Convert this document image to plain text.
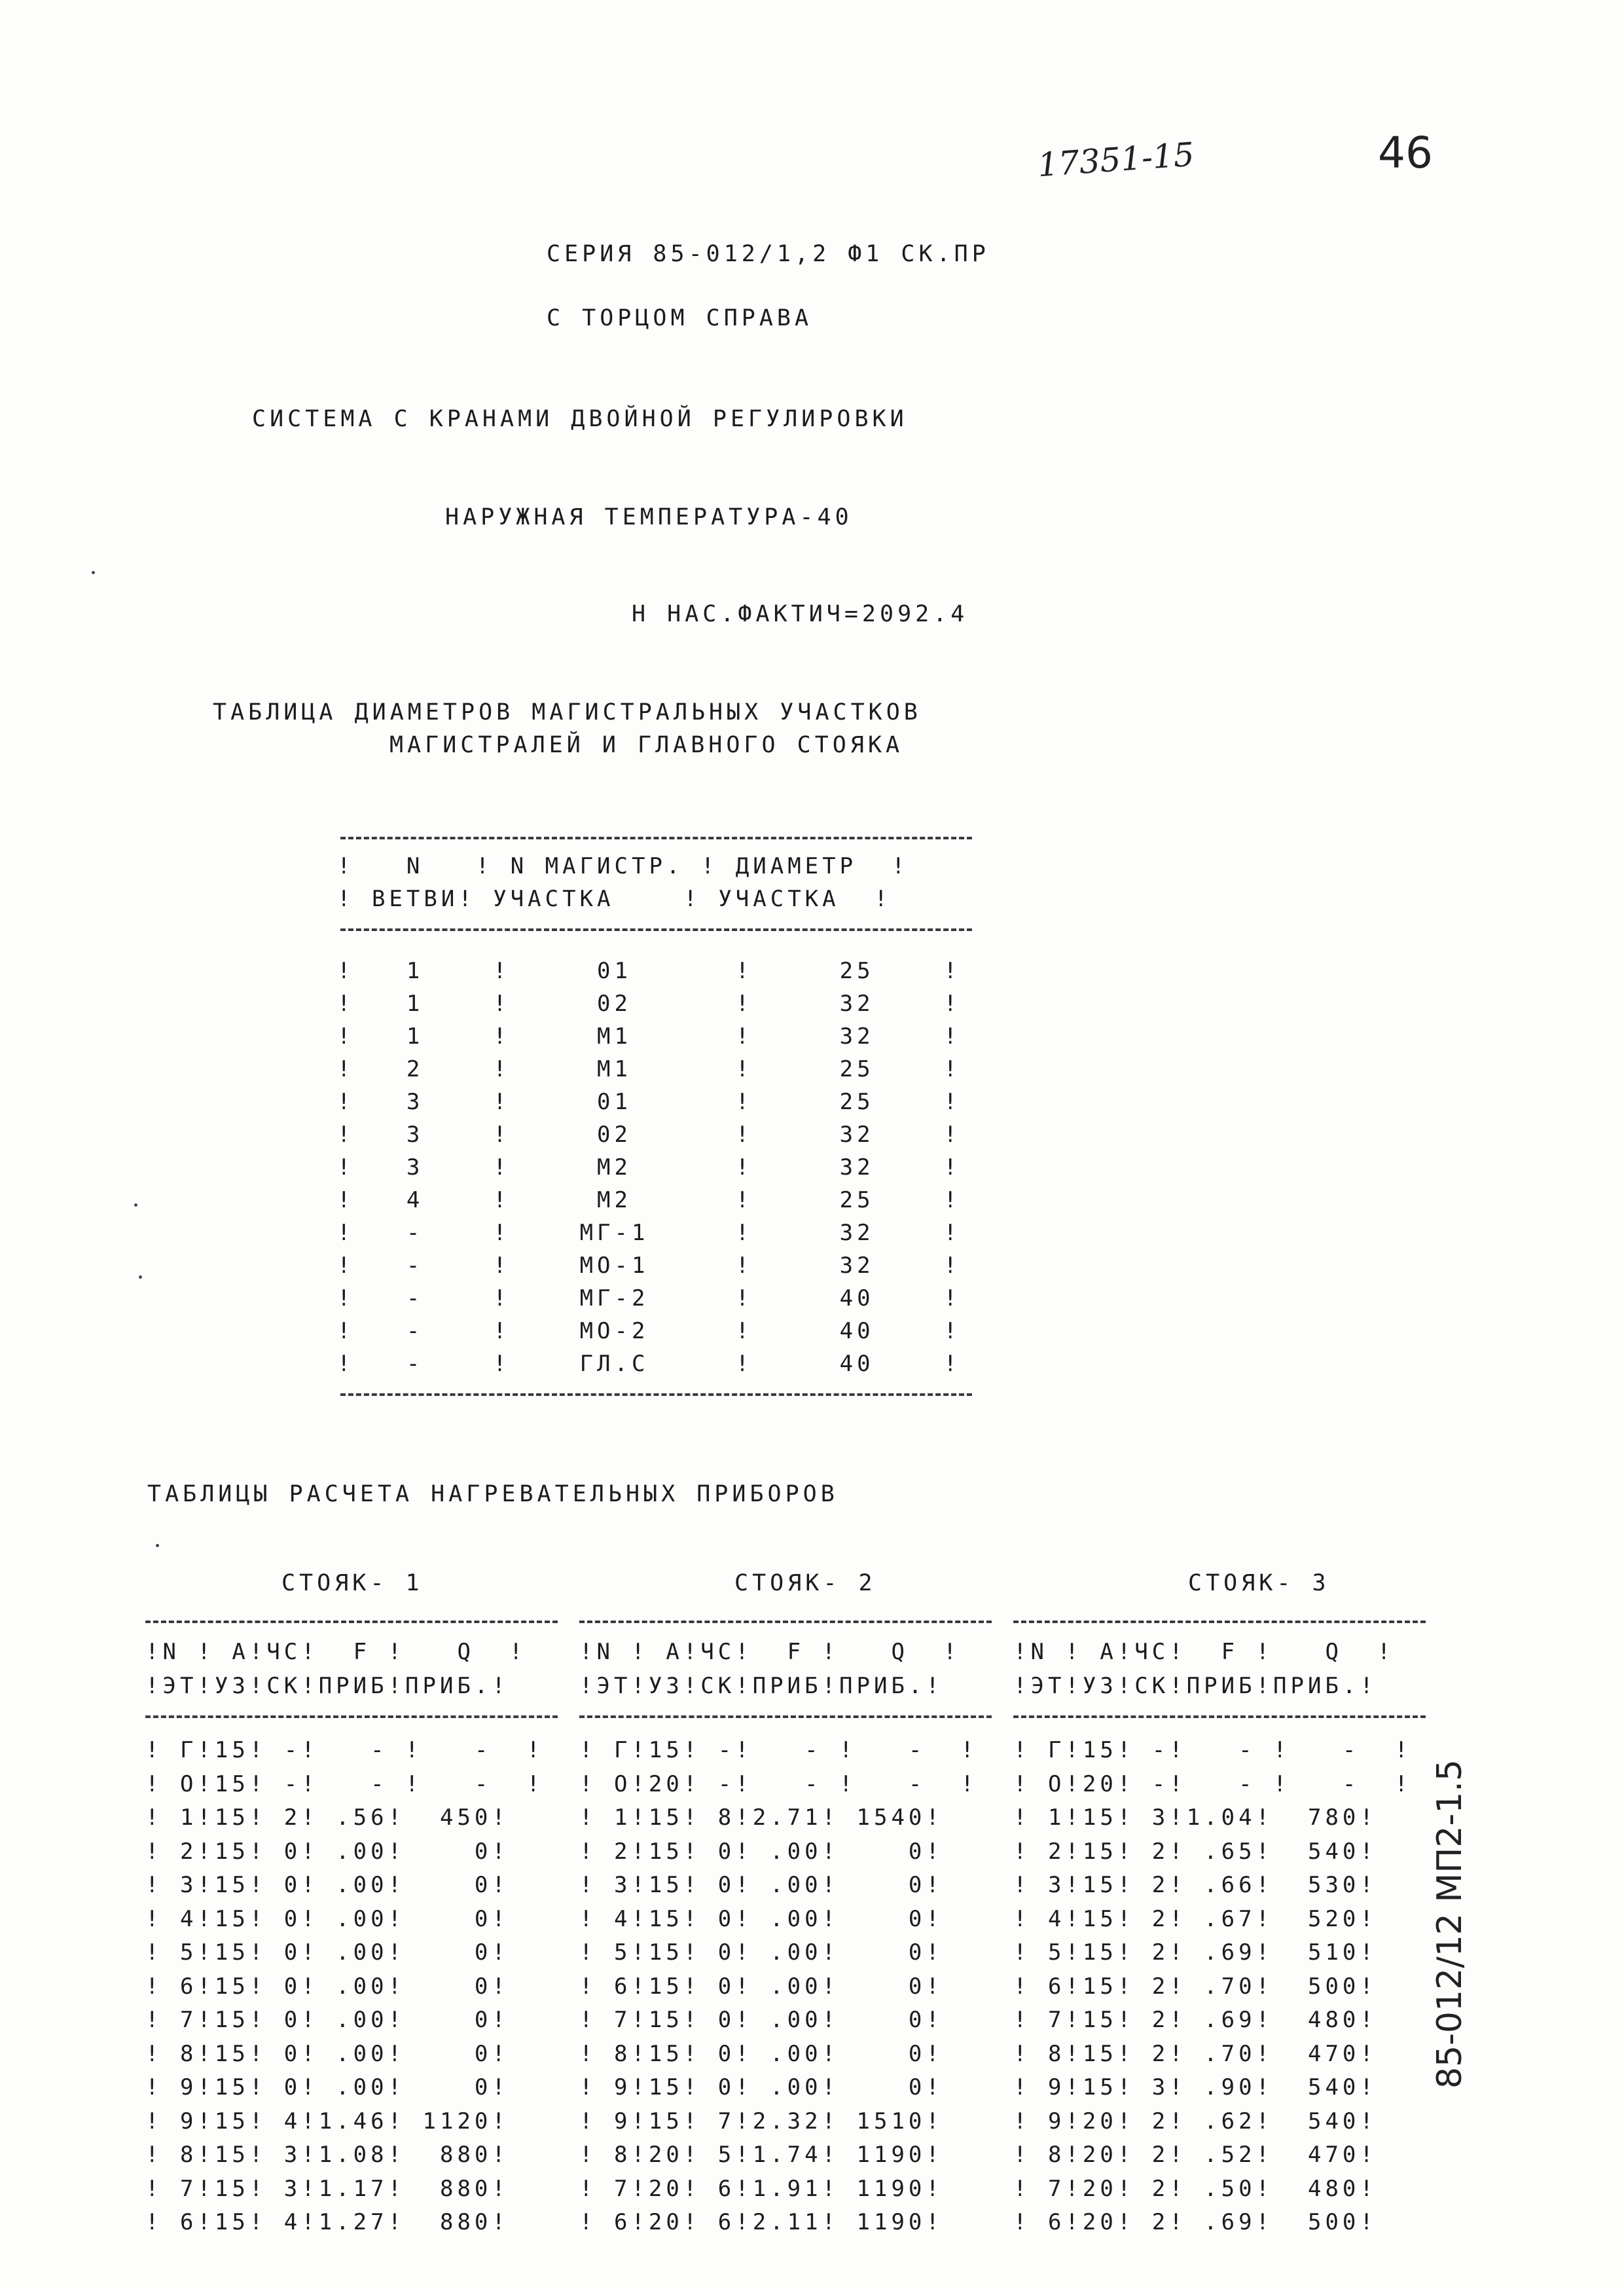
17351-15	46
СЕРИЯ 85-012/1,2 Ф1 СК.ПР
С ТОРЦОМ СПРАВА
СИСТЕМА С КРАНАМИ ДВОЙНОЙ РЕГУЛИРОВКИ
НАРУЖНАЯ ТЕМПЕРАТУРА-40
Н НАС.ФАКТИЧ=2092.4
ТАБЛИЦА ДИАМЕТРОВ МАГИСТРАЛЬНЫХ УЧАСТКОВ
МАГИСТРАЛЕЙ И ГЛАВНОГО СТОЯКА
!   N   ! N МАГИСТР. ! ДИАМЕТР  !
! ВЕТВИ! УЧАСТКА    ! УЧАСТКА  !
!   1    !     01      !     25    !
!   1    !     02      !     32    !
!   1    !     M1      !     32    !
!   2    !     M1      !     25    !
!   3    !     01      !     25    !
!   3    !     02      !     32    !
!   3    !     M2      !     32    !
!   4    !     M2      !     25    !
!   -    !    MГ-1     !     32    !
!   -    !    MO-1     !     32    !
!   -    !    MГ-2     !     40    !
!   -    !    MO-2     !     40    !
!   -    !    ГЛ.С     !     40    !
ТАБЛИЦЫ РАСЧЕТА НАГРЕВАТЕЛЬНЫХ ПРИБОРОВ
СТОЯК- 1
!N ! A!ЧС!  F !   Q  !
!ЭТ!УЗ!СК!ПРИБ!ПРИБ.!
! Г!15! -!   - !   -  !
! O!15! -!   - !   -  !
! 1!15! 2! .56!  450!
! 2!15! 0! .00!    0!
! 3!15! 0! .00!    0!
! 4!15! 0! .00!    0!
! 5!15! 0! .00!    0!
! 6!15! 0! .00!    0!
! 7!15! 0! .00!    0!
! 8!15! 0! .00!    0!
! 9!15! 0! .00!    0!
! 9!15! 4!1.46! 1120!
! 8!15! 3!1.08!  880!
! 7!15! 3!1.17!  880!
! 6!15! 4!1.27!  880!
СТОЯК- 2
!N ! A!ЧС!  F !   Q  !
!ЭТ!УЗ!СК!ПРИБ!ПРИБ.!
! Г!15! -!   - !   -  !
! O!20! -!   - !   -  !
! 1!15! 8!2.71! 1540!
! 2!15! 0! .00!    0!
! 3!15! 0! .00!    0!
! 4!15! 0! .00!    0!
! 5!15! 0! .00!    0!
! 6!15! 0! .00!    0!
! 7!15! 0! .00!    0!
! 8!15! 0! .00!    0!
! 9!15! 0! .00!    0!
! 9!15! 7!2.32! 1510!
! 8!20! 5!1.74! 1190!
! 7!20! 6!1.91! 1190!
! 6!20! 6!2.11! 1190!
СТОЯК- 3
!N ! A!ЧС!  F !   Q  !
!ЭТ!УЗ!СК!ПРИБ!ПРИБ.!
! Г!15! -!   - !   -  !
! O!20! -!   - !   -  !
! 1!15! 3!1.04!  780!
! 2!15! 2! .65!  540!
! 3!15! 2! .66!  530!
! 4!15! 2! .67!  520!
! 5!15! 2! .69!  510!
! 6!15! 2! .70!  500!
! 7!15! 2! .69!  480!
! 8!15! 2! .70!  470!
! 9!15! 3! .90!  540!
! 9!20! 2! .62!  540!
! 8!20! 2! .52!  470!
! 7!20! 2! .50!  480!
! 6!20! 2! .69!  500!
85-012/12 МП2-1.5
